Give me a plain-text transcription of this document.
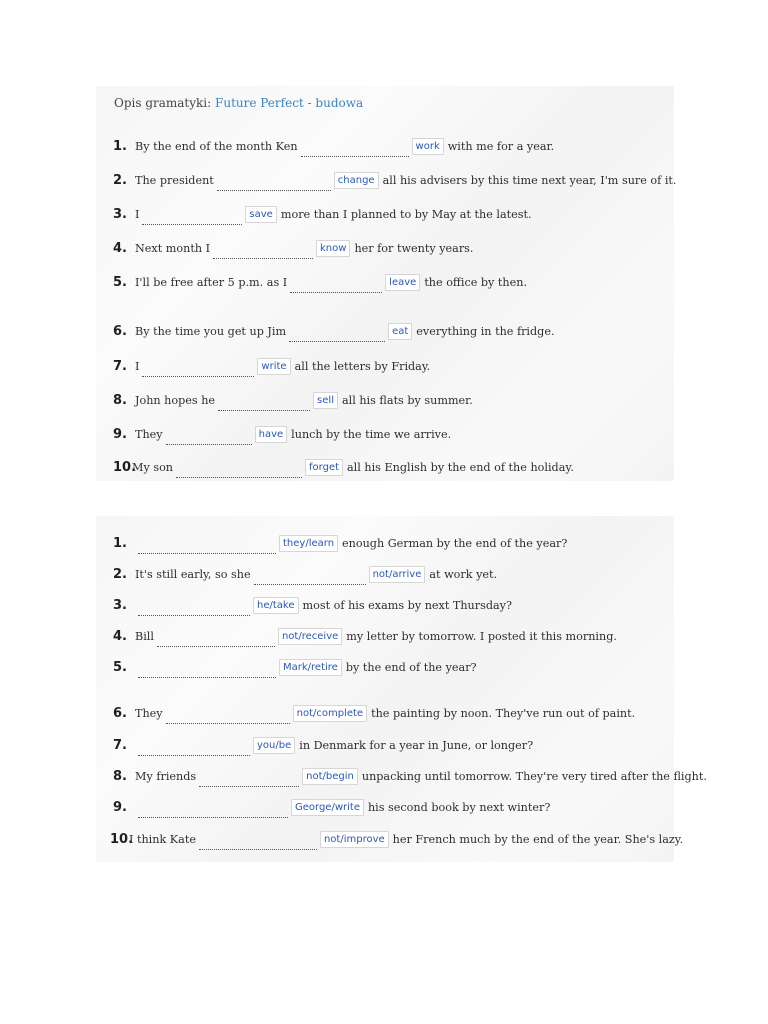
Opis gramatyki: Future Perfect - budowa
1. By the end of the month Ken	work with me for a year.
2. The president	change all his advisers by this time next year, I'm sure of it.
3. I	save more than I planned to by May at the latest.
4. Next month I	know her for twenty years.
5. I'll be free after 5 p.m. as I	leave the office by then.
6. By the time you get up Jim	eat everything in the fridge.
7. I	write all the letters by Friday.
8. John hopes he	sell all his flats by summer.
9. They	have lunch by the time we arrive.
10.
My son	forget all his English by the end of the holiday.
1.	they/learn enough German by the end of the year?
2. It's still early, so she	not/arrive at work yet.
3.	he/take most of his exams by next Thursday?
4. Bill	not/receive my letter by tomorrow. I posted it this morning.
5.	Mark/retire by the end of the year?
6. They	not/complete the painting by noon. They've run out of paint.
7.	you/be in Denmark for a year in June, or longer?
8. My friends	not/begin unpacking until tomorrow. They're very tired after the flight.
9.	George/write his second book by next winter?
10.
I think Kate	not/improve her French much by the end of the year. She's lazy.
